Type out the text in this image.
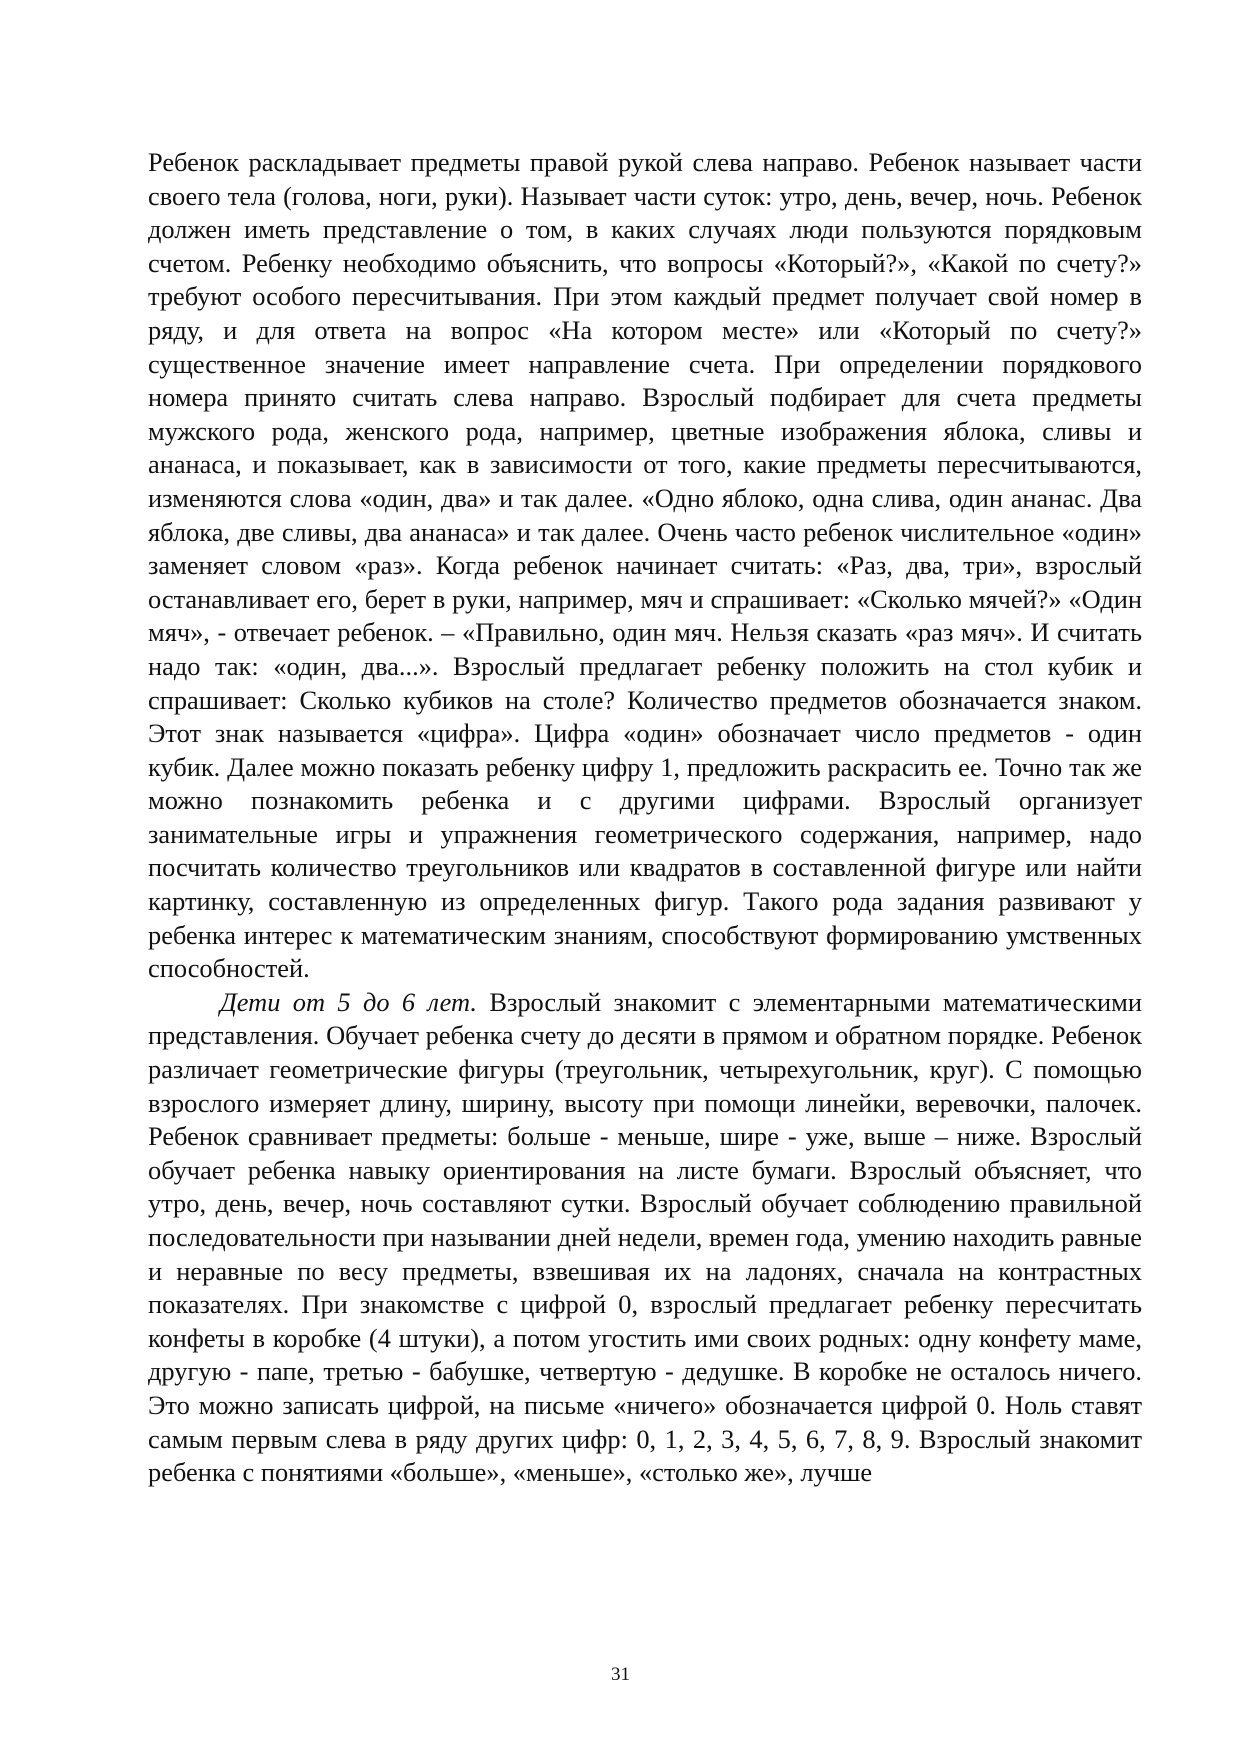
Ребенок раскладывает предметы правой рукой слева направо. Ребенок называет части своего тела (голова, ноги, руки). Называет части суток: утро, день, вечер, ночь. Ребенок должен иметь представление о том, в каких случаях люди пользуются порядковым счетом. Ребенку необходимо объяснить, что вопросы «Который?», «Какой по счету?» требуют особого пересчитывания. При этом каждый предмет получает свой номер в ряду, и для ответа на вопрос «На котором месте» или «Который по счету?» существенное значение имеет направление счета. При определении порядкового номера принято считать слева направо. Взрослый подбирает для счета предметы мужского рода, женского рода, например, цветные изображения яблока, сливы и ананаса, и показывает, как в зависимости от того, какие предметы пересчитываются, изменяются слова «один, два» и так далее. «Одно яблоко, одна слива, один ананас. Два яблока, две сливы, два ананаса» и так далее. Очень часто ребенок числительное «один» заменяет словом «раз». Когда ребенок начинает считать: «Раз, два, три», взрослый останавливает его, берет в руки, например, мяч и спрашивает: «Сколько мячей?» «Один мяч», - отвечает ребенок. – «Правильно, один мяч. Нельзя сказать «раз мяч». И считать надо так: «один, два...». Взрослый предлагает ребенку положить на стол кубик и спрашивает: Сколько кубиков на столе? Количество предметов обозначается знаком. Этот знак называется «цифра». Цифра «один» обозначает число предметов - один кубик. Далее можно показать ребенку цифру 1, предложить раскрасить ее. Точно так же можно познакомить ребенка и с другими цифрами. Взрослый организует занимательные игры и упражнения геометрического содержания, например, надо посчитать количество треугольников или квадратов в составленной фигуре или найти картинку, составленную из определенных фигур. Такого рода задания развивают у ребенка интерес к математическим знаниям, способствуют формированию умственных способностей.

Дети от 5 до 6 лет. Взрослый знакомит с элементарными математическими представления. Обучает ребенка счету до десяти в прямом и обратном порядке. Ребенок различает геометрические фигуры (треугольник, четырехугольник, круг). С помощью взрослого измеряет длину, ширину, высоту при помощи линейки, веревочки, палочек. Ребенок сравнивает предметы: больше - меньше, шире - уже, выше – ниже. Взрослый обучает ребенка навыку ориентирования на листе бумаги. Взрослый объясняет, что утро, день, вечер, ночь составляют сутки. Взрослый обучает соблюдению правильной последовательности при назывании дней недели, времен года, умению находить равные и неравные по весу предметы, взвешивая их на ладонях, сначала на контрастных показателях. При знакомстве с цифрой 0, взрослый предлагает ребенку пересчитать конфеты в коробке (4 штуки), а потом угостить ими своих родных: одну конфету маме, другую - папе, третью - бабушке, четвертую - дедушке. В коробке не осталось ничего. Это можно записать цифрой, на письме «ничего» обозначается цифрой 0. Ноль ставят самым первым слева в ряду других цифр: 0, 1, 2, 3, 4, 5, 6, 7, 8, 9. Взрослый знакомит ребенка с понятиями «больше», «меньше», «столько же», лучше

31
